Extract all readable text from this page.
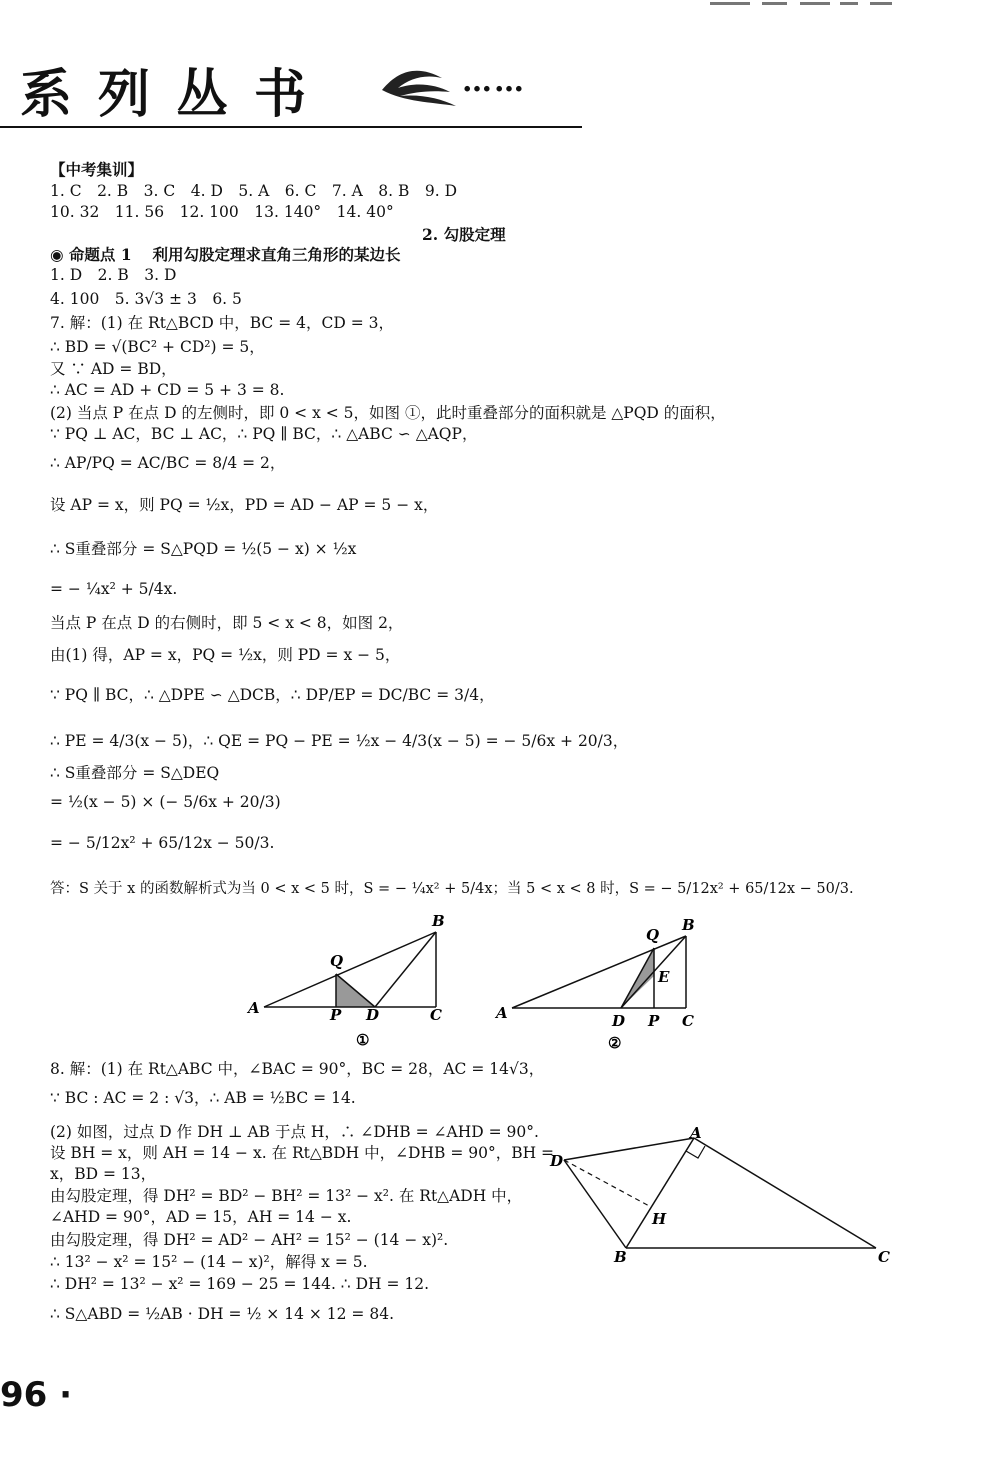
系列丛书	……
【中考集训】
1. C　2. B　3. C　4. D　5. A　6. C　7. A　8. B　9. D
10. 32　11. 56　12. 100　13. 140°　14. 40°
2. 勾股定理
◉ 命题点 1　 利用勾股定理求直角三角形的某边长
1. D　2. B　3. D
4. 100　5. 3√3 ± 3　6. 5
7. 解：(1) 在 Rt△BCD 中，BC = 4，CD = 3，
∴ BD = √(BC² + CD²) = 5，
又 ∵ AD = BD，
∴ AC = AD + CD = 5 + 3 = 8.
(2) 当点 P 在点 D 的左侧时，即 0 < x < 5，如图 ①，此时重叠部分的面积就是 △PQD 的面积，
∵ PQ ⊥ AC，BC ⊥ AC，∴ PQ ∥ BC，∴ △ABC ∽ △AQP，
∴ AP/PQ = AC/BC = 8/4 = 2，
设 AP = x，则 PQ = ½x，PD = AD − AP = 5 − x，
∴ S重叠部分 = S△PQD = ½(5 − x) × ½x
= − ¼x² + 5/4x.
当点 P 在点 D 的右侧时，即 5 < x < 8，如图 2，
由(1) 得，AP = x，PQ = ½x，则 PD = x − 5，
∵ PQ ∥ BC，∴ △DPE ∽ △DCB，∴ DP/EP = DC/BC = 3/4，
∴ PE = 4/3(x − 5)，∴ QE = PQ − PE = ½x − 4/3(x − 5) = − 5/6x + 20/3，
∴ S重叠部分 = S△DEQ
= ½(x − 5) × (− 5/6x + 20/3)
= − 5/12x² + 65/12x − 50/3.
答：S 关于 x 的函数解析式为当 0 < x < 5 时，S = − ¼x² + 5/4x；当 5 < x < 8 时，S = − 5/12x² + 65/12x − 50/3.
A
B
C
D
P
Q
①
A
B
C
D P
Q
E
②
8. 解：(1) 在 Rt△ABC 中，∠BAC = 90°，BC = 28，AC = 14√3，
∵ BC : AC = 2 : √3，∴ AB = ½BC = 14.
(2) 如图，过点 D 作 DH ⊥ AB 于点 H，∴ ∠DHB = ∠AHD = 90°.
设 BH = x，则 AH = 14 − x. 在 Rt△BDH 中，∠DHB = 90°，BH =
x，BD = 13，
由勾股定理，得 DH² = BD² − BH² = 13² − x². 在 Rt△ADH 中，
∠AHD = 90°，AD = 15，AH = 14 − x.
由勾股定理，得 DH² = AD² − AH² = 15² − (14 − x)².
∴ 13² − x² = 15² − (14 − x)²，解得 x = 5.
∴ DH² = 13² − x² = 169 − 25 = 144. ∴ DH = 12.
∴ S△ABD = ½AB · DH = ½ × 14 × 12 = 84.
A
B	C
D
H
96 ·
